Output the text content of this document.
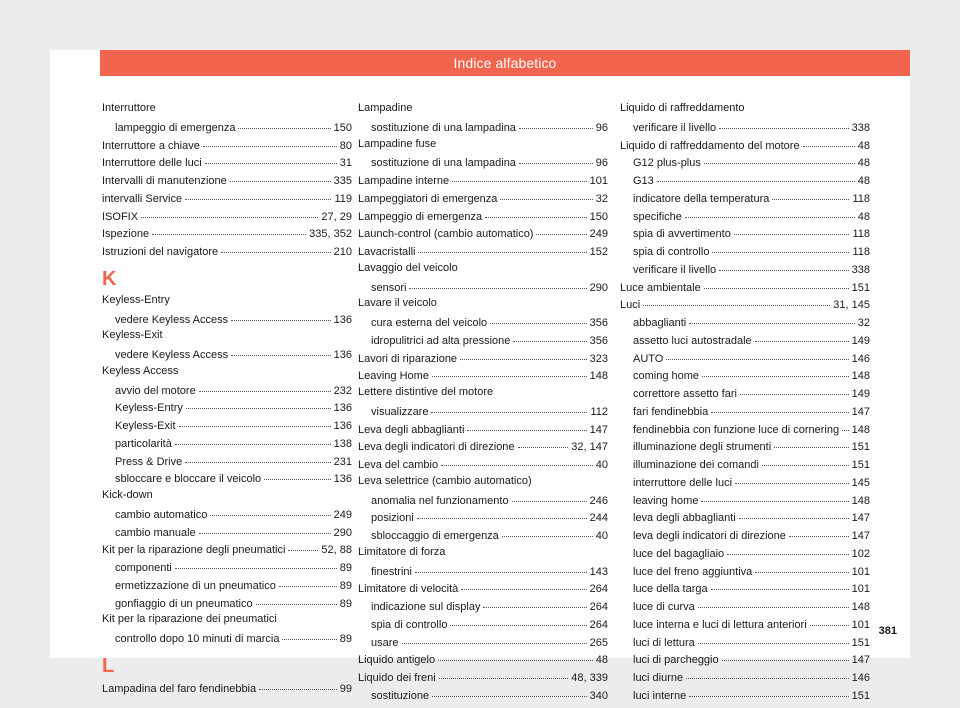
Indice alfabetico
Interruttore
lampeggio di emergenza	150
Interruttore a chiave	80
Interruttore delle luci	31
Intervalli di manutenzione	335
intervalli Service	119
ISOFIX	27, 29
Ispezione	335, 352
Istruzioni del navigatore	210
K
Keyless-Entry
vedere Keyless Access	136
Keyless-Exit
vedere Keyless Access	136
Keyless Access
avvio del motore	232
Keyless-Entry	136
Keyless-Exit	136
particolarità	138
Press & Drive	231
sbloccare e bloccare il veicolo	136
Kick-down
cambio automatico	249
cambio manuale	290
Kit per la riparazione degli pneumatici	52, 88
componenti	89
ermetizzazione di un pneumatico	89
gonfiaggio di un pneumatico	89
Kit per la riparazione dei pneumatici
controllo dopo 10 minuti di marcia	89
L
Lampadina del faro fendinebbia	99
Lampadine
sostituzione di una lampadina	96
Lampadine fuse
sostituzione di una lampadina	96
Lampadine interne	101
Lampeggiatori di emergenza	32
Lampeggio di emergenza	150
Launch-control (cambio automatico)	249
Lavacristalli	152
Lavaggio del veicolo
sensori	290
Lavare il veicolo
cura esterna del veicolo	356
idropulitrici ad alta pressione	356
Lavori di riparazione	323
Leaving Home	148
Lettere distintive del motore
visualizzare	112
Leva degli abbaglianti	147
Leva degli indicatori di direzione	32, 147
Leva del cambio	40
Leva selettrice (cambio automatico)
anomalia nel funzionamento	246
posizioni	244
sbloccaggio di emergenza	40
Limitatore di forza
finestrini	143
Limitatore di velocità	264
indicazione sul display	264
spia di controllo	264
usare	265
Liquido antigelo	48
Liquido dei freni	48, 339
sostituzione	340
Liquido di raffreddamento
verificare il livello	338
Liquido di raffreddamento del motore	48
G12 plus-plus	48
G13	48
indicatore della temperatura	118
specifiche	48
spia di avvertimento	118
spia di controllo	118
verificare il livello	338
Luce ambientale	151
Luci	31, 145
abbaglianti	32
assetto luci autostradale	149
AUTO	146
coming home	148
correttore assetto fari	149
fari fendinebbia	147
fendinebbia con funzione luce di cornering 148
illuminazione degli strumenti	151
illuminazione dei comandi	151
interruttore delle luci	145
leaving home	148
leva degli abbaglianti	147
leva degli indicatori di direzione	147
luce del bagagliaio	102
luce del freno aggiuntiva	101
luce della targa	101
luce di curva	148
luce interna e luci di lettura anteriori	101
luci di lettura	151
luci di parcheggio	147
luci diurne	146
luci interne	151
381
